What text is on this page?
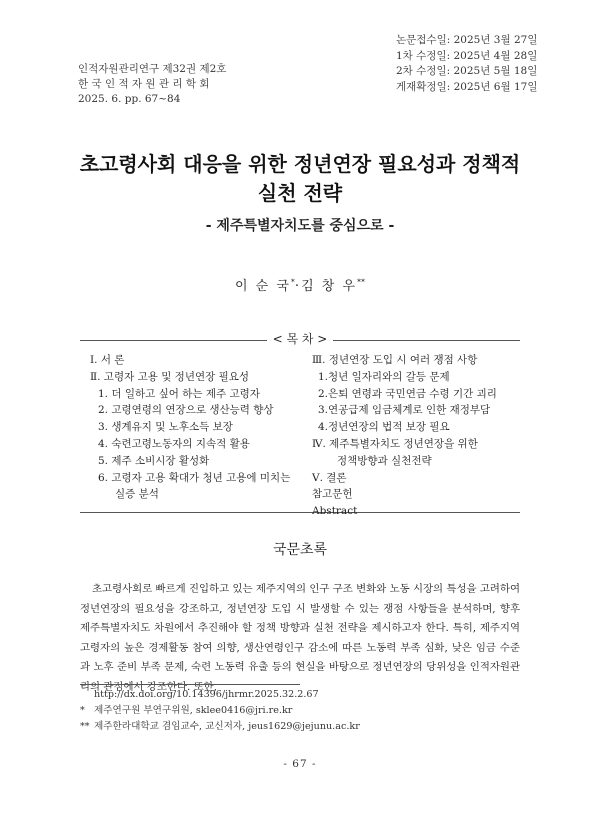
인적자원관리연구 제32권 제2호
한 국 인 적 자 원 관 리 학 회
2025. 6. pp. 67~84
논문접수일: 2025년 3월 27일
1차 수정일: 2025년 4월 28일
2차 수정일: 2025년 5월 18일
게재확정일: 2025년 6월 17일
초고령사회 대응을 위한 정년연장 필요성과 정책적
실천 전략
- 제주특별자치도를 중심으로 -
이 순 국*·김 창 우**
< 목 차 >
Ⅰ. 서 론
Ⅱ. 고령자 고용 및 정년연장 필요성
1. 더 일하고 싶어 하는 제주 고령자
2. 고령연령의 연장으로 생산능력 향상
3. 생계유지 및 노후소득 보장
4. 숙련고령노동자의 지속적 활용
5. 제주 소비시장 활성화
6. 고령자 고용 확대가 청년 고용에 미치는
실증 분석
Ⅲ. 정년연장 도입 시 여러 쟁점 사항
1.청년 일자리와의 갈등 문제
2.은퇴 연령과 국민연금 수령 기간 괴리
3.연공급제 임금체계로 인한 재정부담
4.정년연장의 법적 보장 필요
Ⅳ. 제주특별자치도 정년연장을 위한
정책방향과 실천전략
Ⅴ. 결론
참고문헌
Abstract
국문초록

초고령사회로 빠르게 진입하고 있는 제주지역의 인구 구조 변화와 노동 시장의 특성을 고려하여 정년연장의 필요성을 강조하고, 정년연장 도입 시 발생할 수 있는 쟁점 사항들을 분석하며, 향후 제주특별자치도 차원에서 추진해야 할 정책 방향과 실천 전략을 제시하고자 한다. 특히, 제주지역 고령자의 높은 경제활동 참여 의향, 생산연령인구 감소에 따른 노동력 부족 심화, 낮은 임금 수준과 노후 준비 부족 문제, 숙련 노동력 유출 등의 현실을 바탕으로 정년연장의 당위성을 인적자원관리의 관점에서 강조한다. 또한,

http://dx.doi.org/10.14396/jhrmr.2025.32.2.67
* 제주연구원 부연구위원, sklee0416@jri.re.kr
** 제주한라대학교 겸임교수, 교신저자, jeus1629@jejunu.ac.kr
- 67 -
